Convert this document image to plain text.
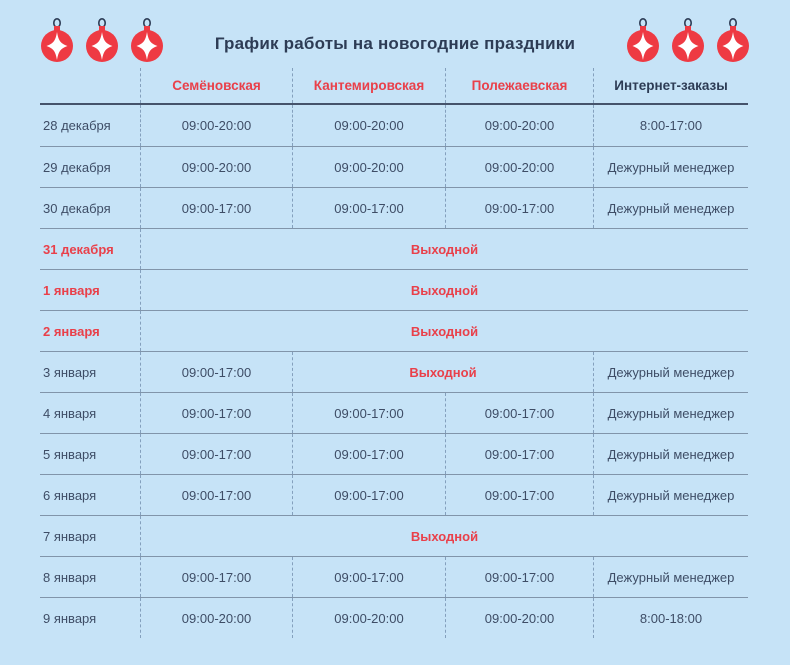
График работы на новогодние праздники
Семёновская	Кантемировская	Полежаевская	Интернет-заказы
28 декабря	09:00-20:00	09:00-20:00	09:00-20:00	8:00-17:00
29 декабря	09:00-20:00	09:00-20:00	09:00-20:00	Дежурный менеджер
30 декабря	09:00-17:00	09:00-17:00	09:00-17:00	Дежурный менеджер
31 декабря	Выходной
1 января	Выходной
2 января	Выходной
3 января	09:00-17:00	Выходной	Дежурный менеджер
4 января	09:00-17:00	09:00-17:00	09:00-17:00	Дежурный менеджер
5 января	09:00-17:00	09:00-17:00	09:00-17:00	Дежурный менеджер
6 января	09:00-17:00	09:00-17:00	09:00-17:00	Дежурный менеджер
7 января	Выходной
8 января	09:00-17:00	09:00-17:00	09:00-17:00	Дежурный менеджер
9 января	09:00-20:00	09:00-20:00	09:00-20:00	8:00-18:00
